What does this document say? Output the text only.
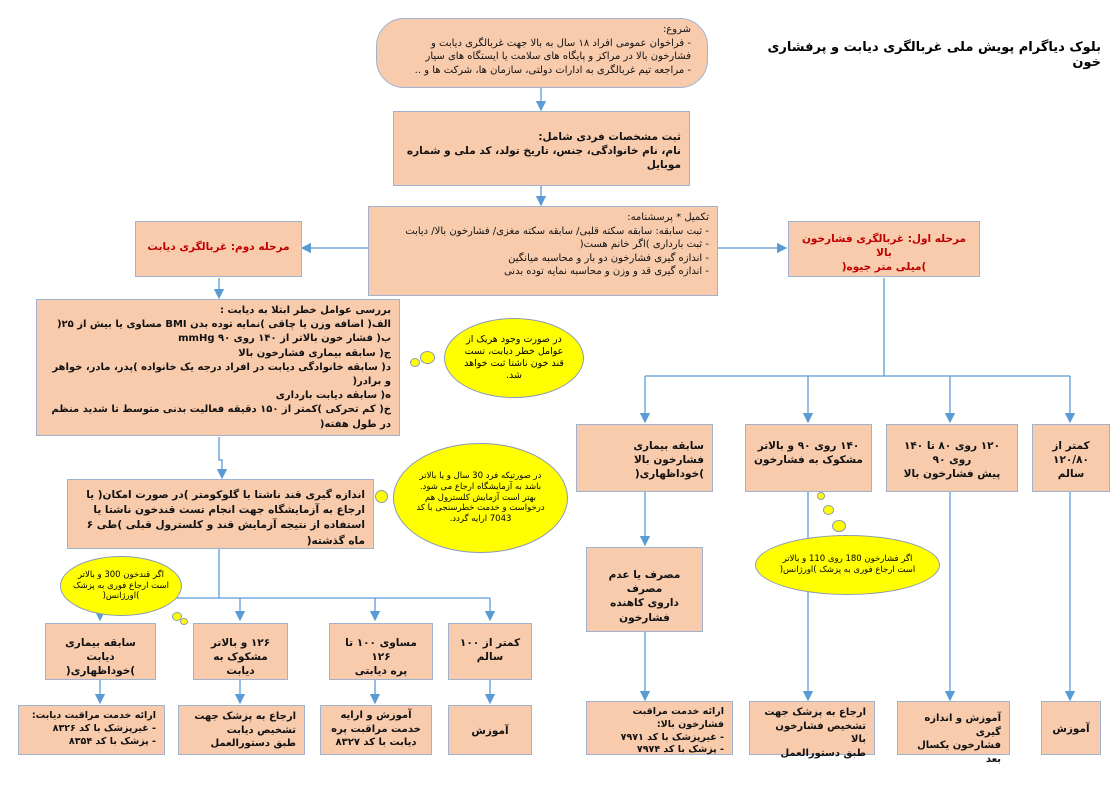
بلوک دیاگرام پویش ملی غربالگری دیابت و پرفشاری خون
شروع:
- فراخوان عمومی افراد ۱۸ سال به بالا جهت غربالگری دیابت و فشارخون بالا در مراکز و پایگاه های سلامت یا ایستگاه های سیار
- مراجعه تیم غربالگری به ادارات دولتی، سازمان ها، شرکت ها و ..
ثبت مشخصات فردی شامل:
نام، نام خانوادگی، جنس، تاریخ تولد، کد ملی و شماره موبایل
تکمیل * پرسشنامه:
- ثبت سابقه: سابقه سکته قلبی/ سابقه سکته مغزی/ فشارخون بالا/ دیابت
- ثبت بارداری )اگر خانم هست(
- اندازه گیری فشارخون دو بار و محاسبه میانگین
- اندازه گیری قد و وزن و محاسبه نمایه توده بدنی
مرحله اول: غربالگری فشارخون بالا
)میلی متر جیوه(
مرحله دوم: غربالگری دیابت
بررسی عوامل خطر ابتلا به دیابت :
الف( اضافه وزن یا چاقی )نمایه توده بدن BMI مساوی یا بیش از ۲۵(
ب( فشار خون بالاتر از ۱۴۰ روی ۹۰ mmHg
ج( سابقه بیماری فشارخون بالا
د( سابقه خانوادگی دیابت در افراد درجه یک خانواده )پدر، مادر، خواهر و برادر(
ه( سابقه دیابت بارداری
خ( کم تحرکی )کمتر از ۱۵۰ دقیقه فعالیت بدنی متوسط تا شدید منظم در طول هفته(
اندازه گیری قند ناشتا با گلوکومتر )در صورت امکان( یا ارجاع به آزمایشگاه جهت انجام تست قندخون ناشتا یا استفاده از نتیجه آزمایش قند و کلسترول قبلی )طی ۶ ماه گذشته(
در صورت وجود هریک از عوامل خطر دیابت، تست قند خون ناشتا ثبت خواهد شد.
در صورتیکه فرد 30 سال و یا بالاتر باشد به آزمایشگاه ارجاع می شود. بهتر است آزمایش کلسترول هم درخواست و خدمت خطرسنجی با کد 7043 ارایه گردد.
اگر قندخون 300 و بالاتر است ارجاع فوری به پزشک )اورژانس(
اگر فشارخون 180 روی 110 و بالاتر است ارجاع فوری به پزشک )اورژانس(
کمتر از ۱۲۰/۸۰
سالم
۱۲۰ روی ۸۰ تا ۱۴۰ روی ۹۰
پیش فشارخون بالا
۱۴۰ روی ۹۰ و بالاتر
مشکوک به فشارخون
سابقه بیماری فشارخون بالا
)خوداظهاری(
مصرف یا عدم مصرف
داروی کاهنده فشارخون
آموزش
آموزش و اندازه گیری
فشارخون یکسال بعد
ارجاع به پزشک جهت
تشخیص فشارخون بالا
طبق دستورالعمل
ارائه خدمت مراقبت فشارخون بالا:
- غیرپزشک با کد ۷۹۷۱
- پزشک با کد ۷۹۷۴
کمتر از ۱۰۰
سالم
مساوی ۱۰۰ تا ۱۲۶
پره دیابتی
۱۲۶ و بالاتر
مشکوک به دیابت
سابقه بیماری دیابت
)خوداظهاری(
آموزش
آموزش و ارایه
خدمت مراقبت پره
دیابت با کد ۸۳۲۷
ارجاع به پزشک جهت
تشخیص دیابت
طبق دستورالعمل
ارائه خدمت مراقبت دیابت:
- غیرپزشک با کد ۸۳۲۶
- پزشک با کد ۸۳۵۴
